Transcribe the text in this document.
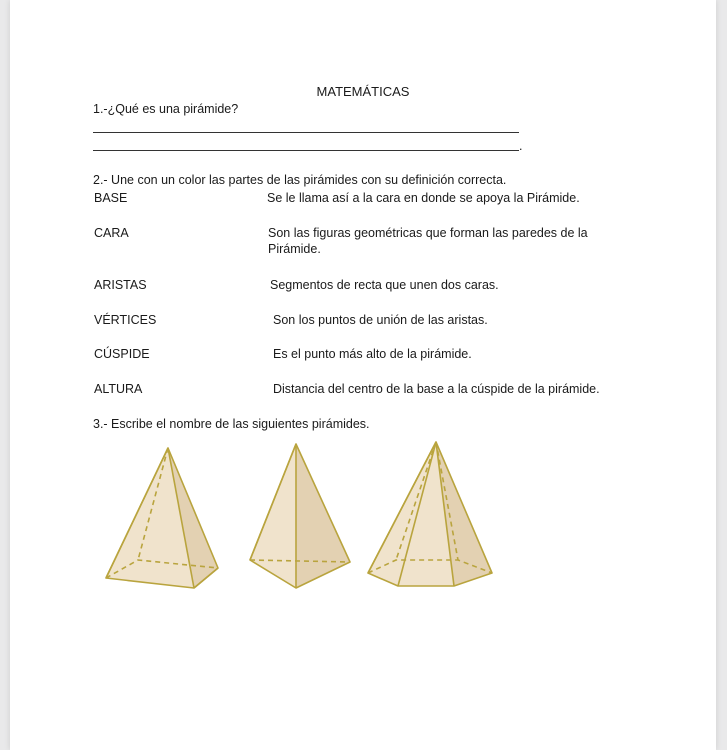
MATEMÁTICAS
1.-¿Qué es una pirámide?
.
2.- Une con un color las partes de las pirámides con su definición correcta.
BASE	Se le llama así a la cara en donde se apoya la Pirámide.
CARA	Son las figuras geométricas que forman las paredes de la Pirámide.
ARISTAS	Segmentos de recta que unen dos caras.
VÉRTICES	Son los puntos de unión de las aristas.
CÚSPIDE	Es el punto más alto de la pirámide.
ALTURA	Distancia del centro de la base a la cúspide de la pirámide.
3.- Escribe el nombre de las siguientes pirámides.
